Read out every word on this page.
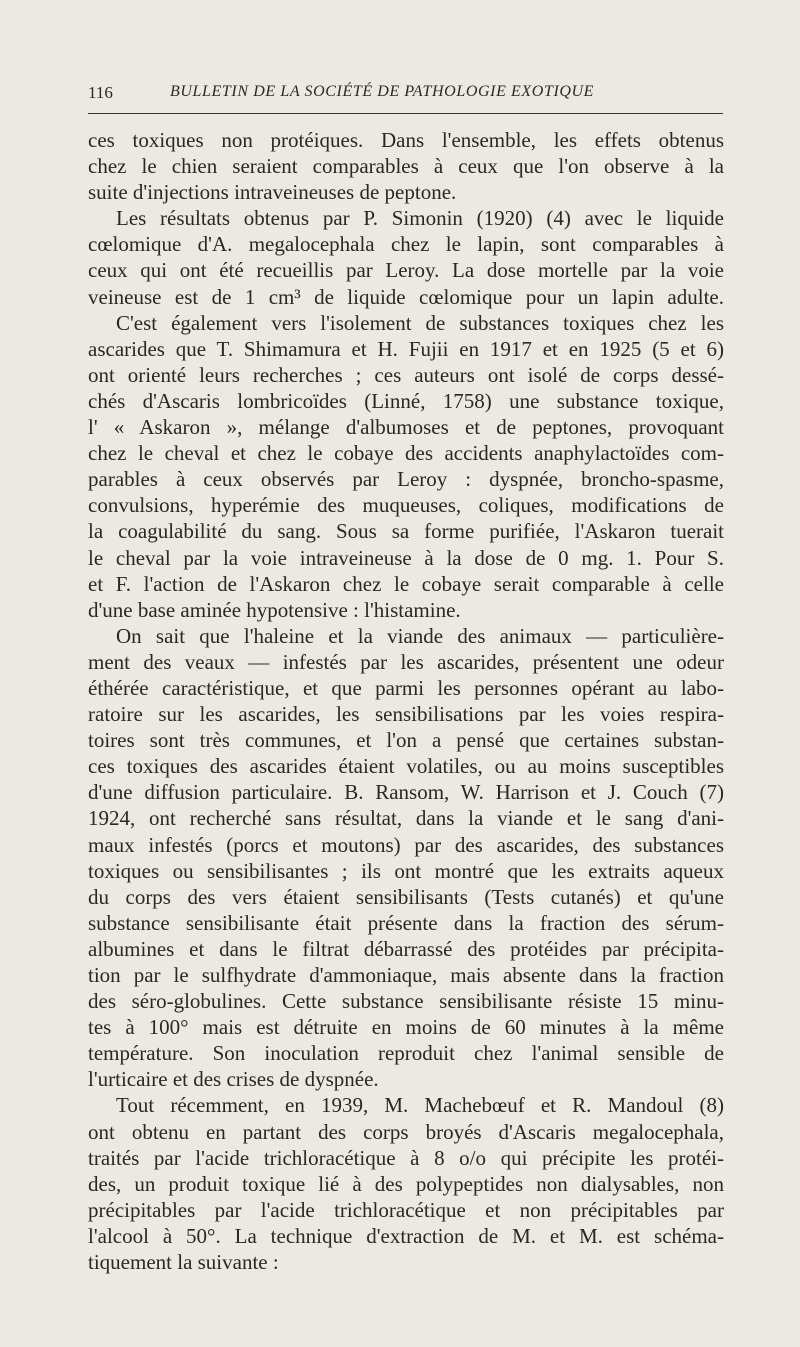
116	BULLETIN DE LA SOCIÉTÉ DE PATHOLOGIE EXOTIQUE
ces toxiques non protéiques. Dans l'ensemble, les effets obtenus
chez le chien seraient comparables à ceux que l'on observe à la
suite d'injections intraveineuses de peptone.
Les résultats obtenus par P. Simonin (1920) (4) avec le liquide
cœlomique d'A. megalocephala chez le lapin, sont comparables à
ceux qui ont été recueillis par Leroy. La dose mortelle par la voie
veineuse est de 1 cm³ de liquide cœlomique pour un lapin adulte.
C'est également vers l'isolement de substances toxiques chez les
ascarides que T. Shimamura et H. Fujii en 1917 et en 1925 (5 et 6)
ont orienté leurs recherches ; ces auteurs ont isolé de corps dessé-
chés d'Ascaris lombricoïdes (Linné, 1758) une substance toxique,
l' « Askaron », mélange d'albumoses et de peptones, provoquant
chez le cheval et chez le cobaye des accidents anaphylactoïdes com-
parables à ceux observés par Leroy : dyspnée, broncho-spasme,
convulsions, hyperémie des muqueuses, coliques, modifications de
la coagulabilité du sang. Sous sa forme purifiée, l'Askaron tuerait
le cheval par la voie intraveineuse à la dose de 0 mg. 1. Pour S.
et F. l'action de l'Askaron chez le cobaye serait comparable à celle
d'une base aminée hypotensive : l'histamine.
On sait que l'haleine et la viande des animaux — particulière-
ment des veaux — infestés par les ascarides, présentent une odeur
éthérée caractéristique, et que parmi les personnes opérant au labo-
ratoire sur les ascarides, les sensibilisations par les voies respira-
toires sont très communes, et l'on a pensé que certaines substan-
ces toxiques des ascarides étaient volatiles, ou au moins susceptibles
d'une diffusion particulaire. B. Ransom, W. Harrison et J. Couch (7)
1924, ont recherché sans résultat, dans la viande et le sang d'ani-
maux infestés (porcs et moutons) par des ascarides, des substances
toxiques ou sensibilisantes ; ils ont montré que les extraits aqueux
du corps des vers étaient sensibilisants (Tests cutanés) et qu'une
substance sensibilisante était présente dans la fraction des sérum-
albumines et dans le filtrat débarrassé des protéides par précipita-
tion par le sulfhydrate d'ammoniaque, mais absente dans la fraction
des séro-globulines. Cette substance sensibilisante résiste 15 minu-
tes à 100° mais est détruite en moins de 60 minutes à la même
température. Son inoculation reproduit chez l'animal sensible de
l'urticaire et des crises de dyspnée.
Tout récemment, en 1939, M. Machebœuf et R. Mandoul (8)
ont obtenu en partant des corps broyés d'Ascaris megalocephala,
traités par l'acide trichloracétique à 8 o/o qui précipite les protéi-
des, un produit toxique lié à des polypeptides non dialysables, non
précipitables par l'acide trichloracétique et non précipitables par
l'alcool à 50°. La technique d'extraction de M. et M. est schéma-
tiquement la suivante :
